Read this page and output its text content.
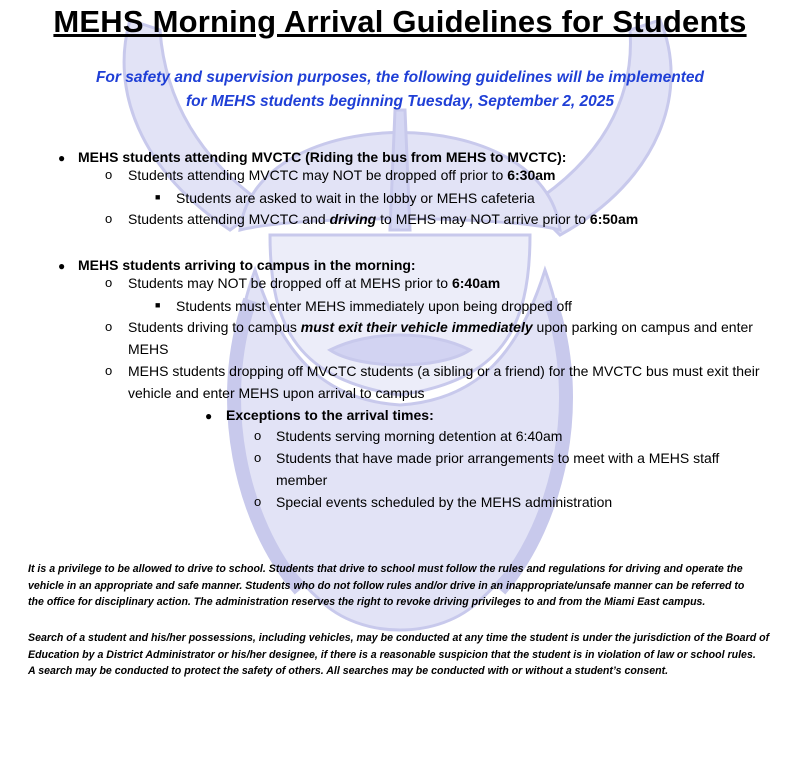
MEHS Morning Arrival Guidelines for Students
For safety and supervision purposes, the following guidelines will be implemented
for MEHS students beginning Tuesday, September 2, 2025
● MEHS students attending MVCTC (Riding the bus from MEHS to MVCTC):
o Students attending MVCTC may NOT be dropped off prior to 6:30am
■ Students are asked to wait in the lobby or MEHS cafeteria
o Students attending MVCTC and driving to MEHS may NOT arrive prior to 6:50am
● MEHS students arriving to campus in the morning:
o Students may NOT be dropped off at MEHS prior to 6:40am
■ Students must enter MEHS immediately upon being dropped off
o Students driving to campus must exit their vehicle immediately upon parking on campus and enter
MEHS
o MEHS students dropping off MVCTC students (a sibling or a friend) for the MVCTC bus must exit their
vehicle and enter MEHS upon arrival to campus
● Exceptions to the arrival times:
o Students serving morning detention at 6:40am
o Students that have made prior arrangements to meet with a MEHS staff
member
o Special events scheduled by the MEHS administration
It is a privilege to be allowed to drive to school. Students that drive to school must follow the rules and regulations for driving and operate the
vehicle in an appropriate and safe manner. Students who do not follow rules and/or drive in an inappropriate/unsafe manner can be referred to
the office for disciplinary action. The administration reserves the right to revoke driving privileges to and from the Miami East campus.
Search of a student and his/her possessions, including vehicles, may be conducted at any time the student is under the jurisdiction of the Board of
Education by a District Administrator or his/her designee, if there is a reasonable suspicion that the student is in violation of law or school rules.
A search may be conducted to protect the safety of others. All searches may be conducted with or without a student’s consent.
